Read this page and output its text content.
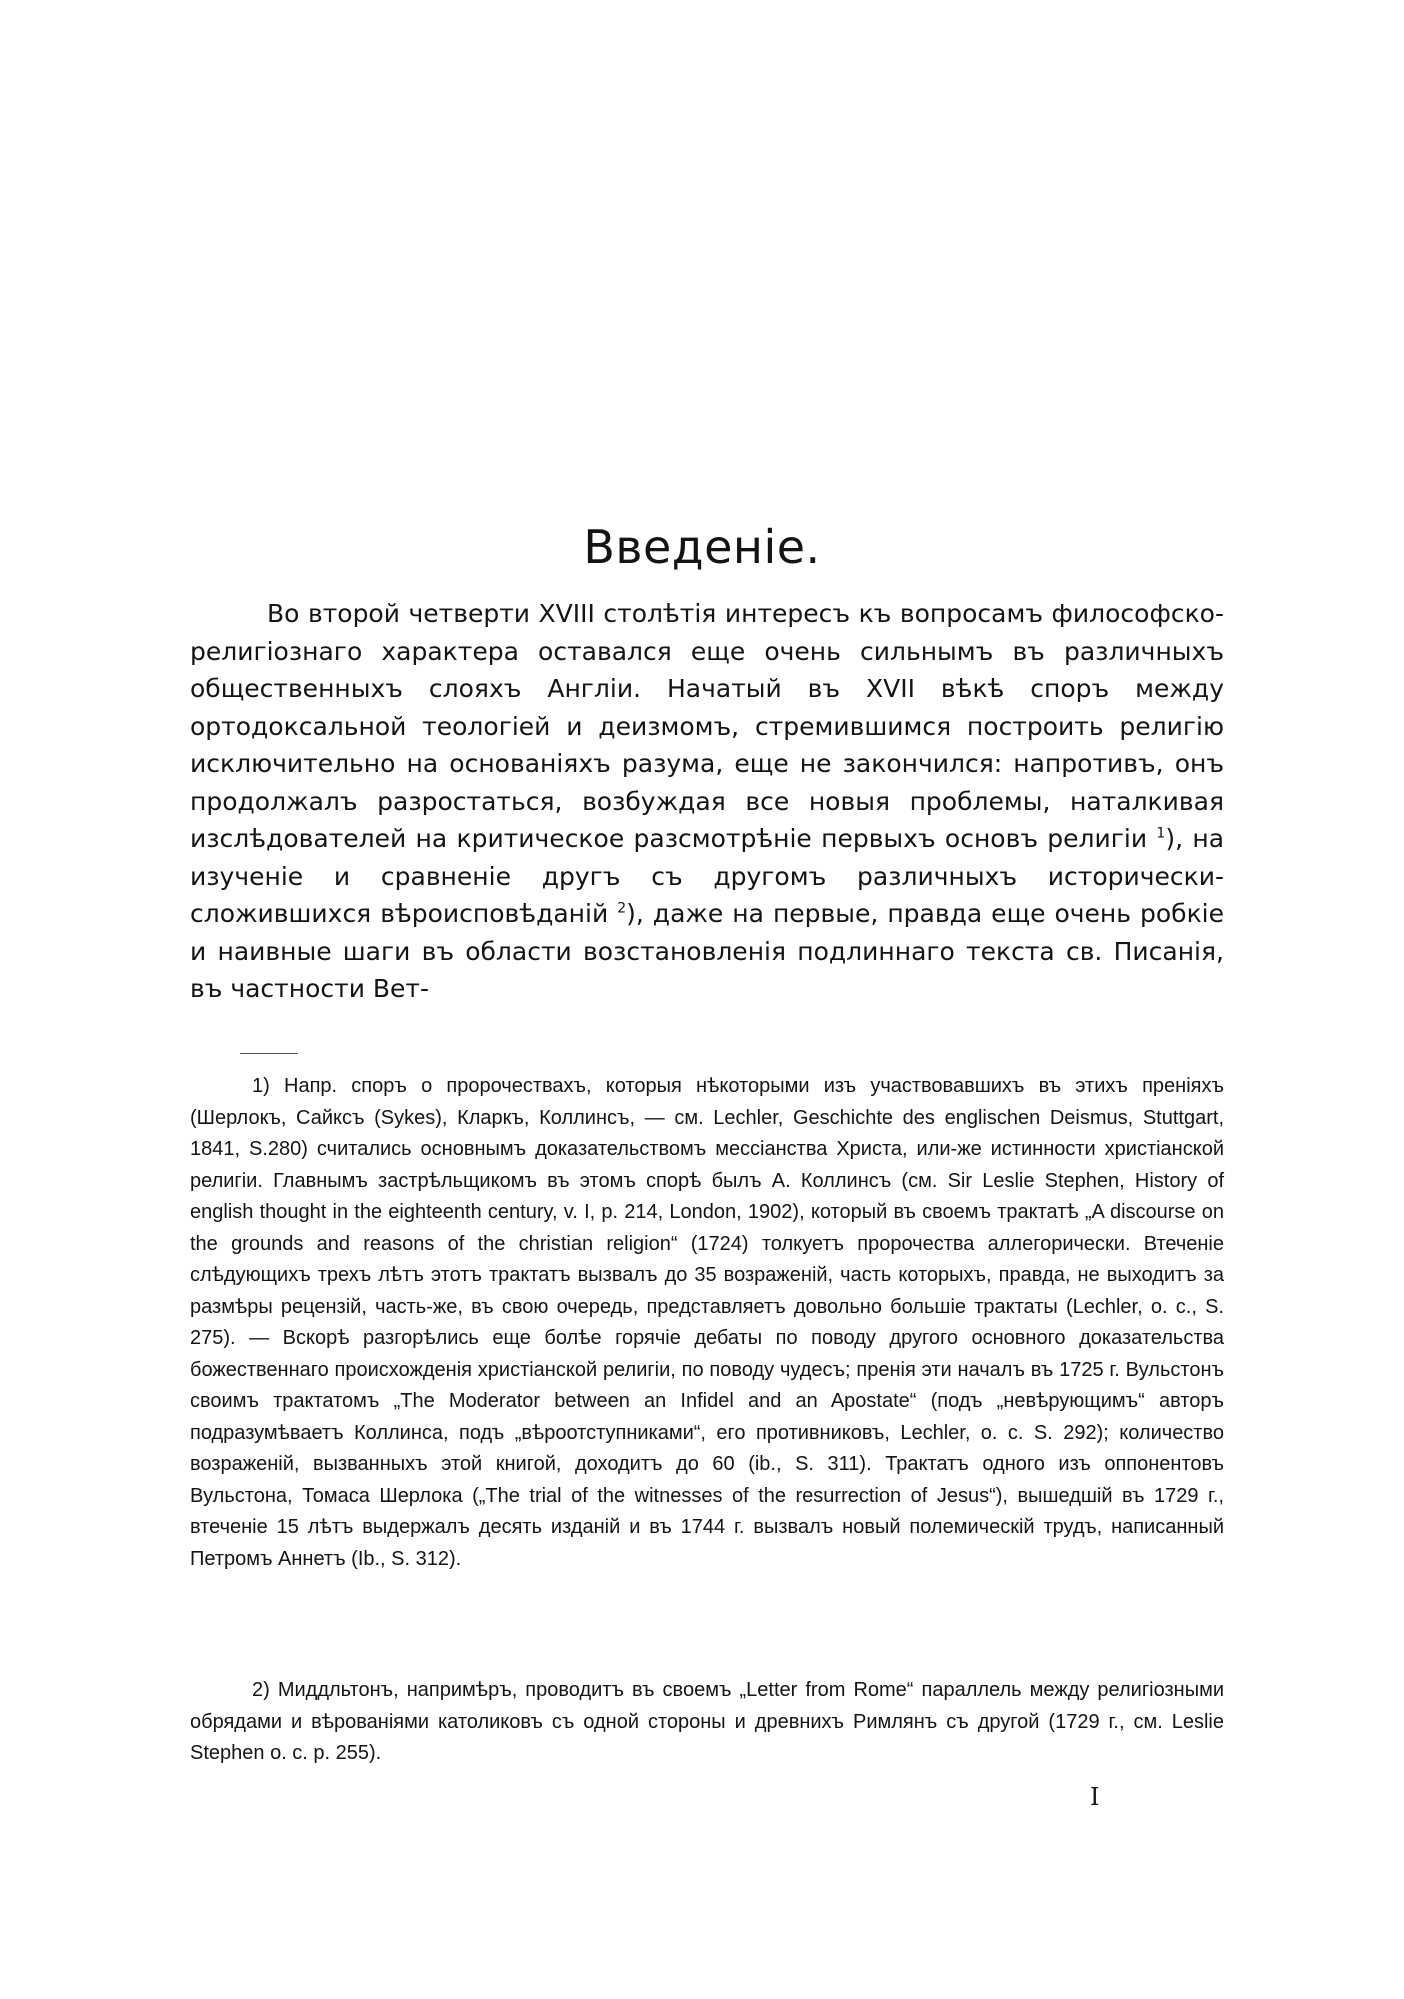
Введеніе.

Во второй четверти XVIII столѣтія интересъ къ вопросамъ философско-религіознаго характера оставался еще очень сильнымъ въ различныхъ общественныхъ слояхъ Англіи. Начатый въ XVII вѣкѣ споръ между ортодоксальной теологіей и деизмомъ, стремившимся построить религію исключительно на основаніяхъ разума, еще не закончился: напротивъ, онъ продолжалъ разростаться, возбуждая все новыя проблемы, наталкивая изслѣдователей на критическое разсмотрѣніе первыхъ основъ религіи $^1$), на изученіе и сравненіе другъ съ другомъ различныхъ исторически-сложившихся вѣроисповѣданій $^2$), даже на первые, правда еще очень робкіе и наивные шаги въ области возстановленія подлиннаго текста св. Писанія, въ частности Вет-

1) Напр. споръ о пророчествахъ, которыя нѣкоторыми изъ участвовавшихъ въ этихъ преніяхъ (Шерлокъ, Сайксъ (Sykes), Кларкъ, Коллинсъ, — см. Lechler, Geschichte des englischen Deismus, Stuttgart, 1841, S.280) считались основнымъ доказательствомъ мессіанства Христа, или-же истинности христіанской религіи. Главнымъ застрѣльщикомъ въ этомъ спорѣ былъ А. Коллинсъ (см. Sir Leslie Stephen, History of english thought in the eighteenth century, v. I, p. 214, London, 1902), который въ своемъ трактатѣ „A discourse on the grounds and reasons of the christian religion“ (1724) толкуетъ пророчества аллегорически. Втеченіе слѣдующихъ трехъ лѣтъ этотъ трактатъ вызвалъ до 35 возраженій, часть которыхъ, правда, не выходитъ за размѣры рецензій, часть-же, въ свою очередь, представляетъ довольно большіе трактаты (Lechler, o. c., S. 275). — Вскорѣ разгорѣлись еще болѣе горячіе дебаты по поводу другого основного доказательства божественнаго происхожденія христіанской религіи, по поводу чудесъ; пренія эти началъ въ 1725 г. Вульстонъ своимъ трактатомъ „The Moderator between an Infidel and an Apostate“ (подъ „невѣрующимъ“ авторъ подразумѣваетъ Коллинса, подъ „вѣроотступниками“, его противниковъ, Lechler, o. c. S. 292); количество возраженій, вызванныхъ этой книгой, доходитъ до 60 (ib., S. 311). Трактатъ одного изъ оппонентовъ Вульстона, Томаса Шерлока („The trial of the witnesses of the resurrection of Jesus“), вышедшій въ 1729 г., втеченіе 15 лѣтъ выдержалъ десять изданій и въ 1744 г. вызвалъ новый полемическій трудъ, написанный Петромъ Аннетъ (Ib., S. 312).

2) Миддльтонъ, напримѣръ, проводитъ въ своемъ „Letter from Rome“ параллель между религіозными обрядами и вѣрованіями католиковъ съ одной стороны и древнихъ Римлянъ съ другой (1729 г., см. Leslie Stephen o. c. p. 255).

I
